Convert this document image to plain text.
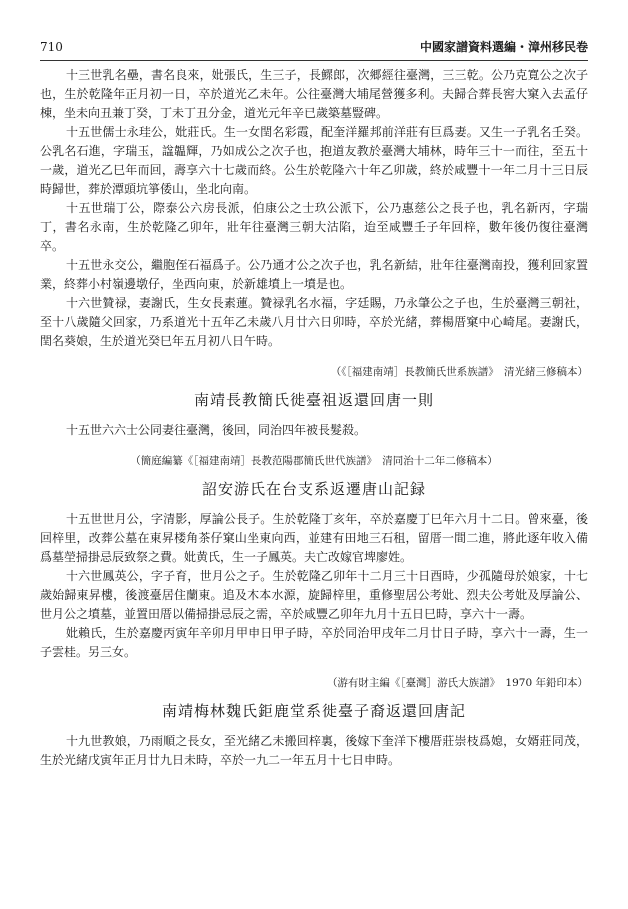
710	中國家譜資料選編・漳州移民卷

十三世乳名壘，書名良來，妣張氏，生三子，長鰥郎，次郷經往臺灣，三三乾。公乃克寬公之次子也，生於乾隆年正月初一日，卒於道光乙未年。公往臺灣大埔尾營獲多利。夫歸合葬長窖大窠入去孟仔棟，坐未向丑兼丁癸，丁未丁丑分金，道光元年辛已歲築墓豎碑。

十五世儒士永珪公，妣莊氏。生一女閏名彩霞，配奎洋羅邦前洋莊有巨爲妻。又生一子乳名壬癸。公乳名石進，字瑞玉，諡韞輝，乃如成公之次子也，抱道友教於臺灣大埔林，時年三十一而往，至五十一歲，道光乙巳年而回，壽享六十七歲而終。公生於乾隆六十年乙卯歲，終於咸豐十一年二月十三日辰時歸世，葬於潭頭坑箏倭山，坐北向南。

十五世瑞丁公，際泰公六房長派，伯康公之士玖公派下，公乃惠慈公之長子也，乳名新丙，字瑞丁，書名永南，生於乾隆乙卯年，壯年往臺灣三朝大沽陷，迨至咸豐壬子年回梓，數年後仍復往臺灣卒。

十五世永交公，繼胞侄石福爲子。公乃通才公之次子也，乳名新結，壯年往臺灣南投，獲利回家置業，終葬小村嶺邊墩仔，坐西向東，於新雄墳上一墳是也。

十六世贊禄，妻謝氏，生女長素蓮。贊禄乳名水福，字廷賜，乃永肇公之子也，生於臺灣三朝社，至十八歲隨父回家，乃系道光十五年乙未歲八月廿六日卯時，卒於光緒，葬楊厝窠中心崎尾。妻謝氏，閏名葵娘，生於道光癸巳年五月初八日午時。

（《［福建南靖］長教簡氏世系族譜》　清光緒三修稿本）
南靖長教簡氏徙臺祖返還回唐一則

十五世六六士公同妻往臺灣，後回，同治四年被長髮殺。

（簡庭編纂《［福建南靖］長教范陽郡簡氏世代族譜》　清同治十二年二修稿本）
詔安游氏在台支系返遷唐山記録

十五世世月公，字清影，厚論公長子。生於乾隆丁亥年，卒於嘉慶丁巳年六月十二日。曾來臺，後回梓里，改葬公墓在東昇楼角茶仔窠山坐東向西，並建有田地三石租，留厝一間二進，將此逐年收入備爲墓塋掃掛忌辰致祭之費。妣黄氏，生一子鳳英。夫亡改嫁官埤廖姓。

十六世鳳英公，字子育，世月公之子。生於乾隆乙卯年十二月三十日酉時，少孤隨母於娘家，十七歲始歸東昇樓，後渡臺居住蘭東。追及木本水源，旋歸梓里，重修聖居公考妣、烈夫公考妣及厚論公、世月公之墳墓，並置田厝以備掃掛忌辰之需，卒於咸豐乙卯年九月十五日巳時，享六十一壽。

妣賴氏，生於嘉慶丙寅年辛卯月甲申日甲子時，卒於同治甲戌年二月廿日子時，享六十一壽，生一子雲桂。另三女。

（游有財主編《［臺灣］游氏大族譜》　1970 年鉛印本）
南靖梅林魏氏鉅鹿堂系徙臺子裔返還回唐記

十九世教娘，乃雨順之長女，至光緒乙未搬回梓裏，後嫁下奎洋下樓厝莊崇枝爲媳，女婿莊同茂，生於光緒戊寅年正月廿九日未時，卒於一九二一年五月十七日申時。
